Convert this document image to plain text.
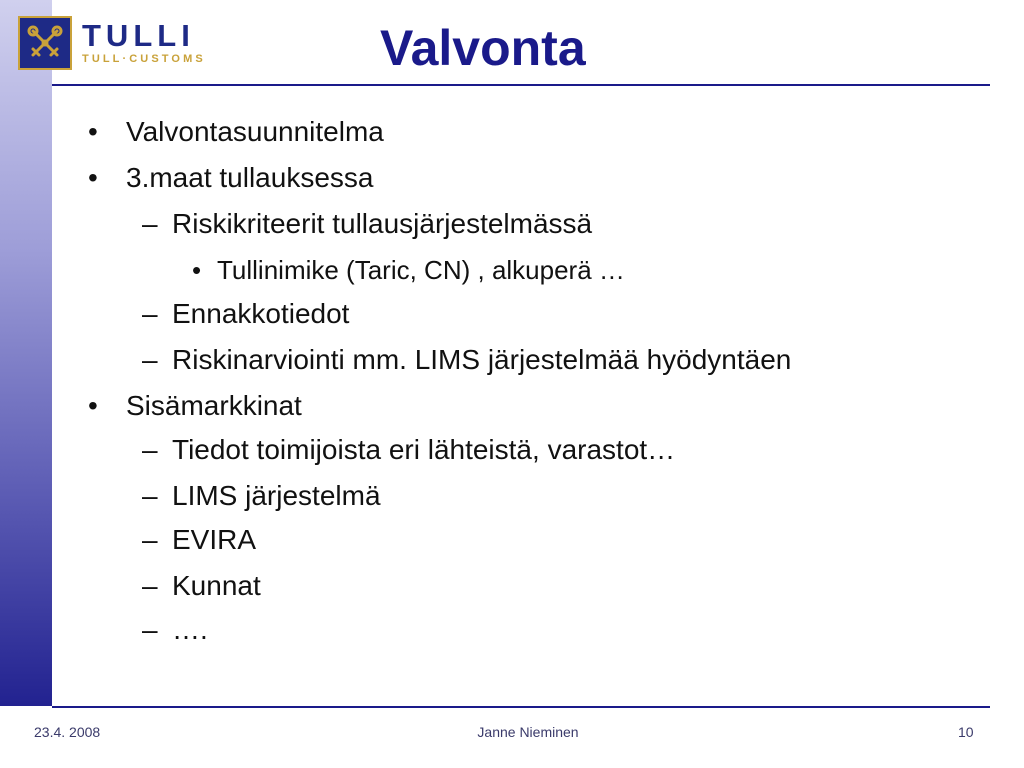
TULLI
TULL·CUSTOMS	Valvonta
• Valvontasuunnitelma
• 3.maat tullauksessa
– Riskikriteerit tullausjärjestelmässä
• Tullinimike (Taric, CN) , alkuperä …
– Ennakkotiedot
– Riskinarviointi mm. LIMS järjestelmää hyödyntäen
• Sisämarkkinat
– Tiedot toimijoista eri lähteistä, varastot…
– LIMS järjestelmä
– EVIRA
– Kunnat
– ….
23.4. 2008	Janne Nieminen	10
